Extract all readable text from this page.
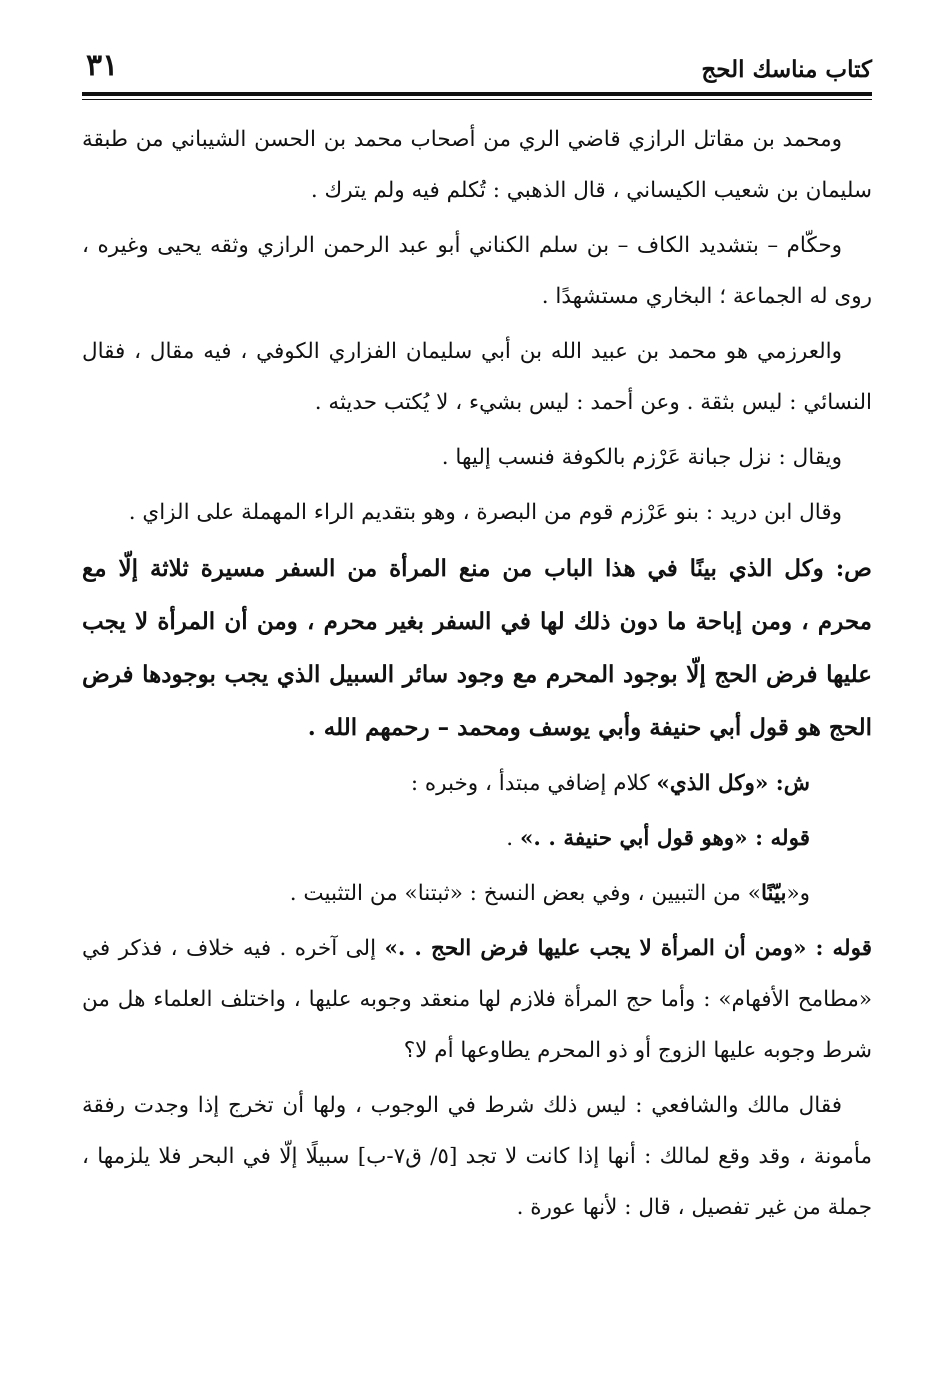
كتاب مناسك الحج
٣١

ومحمد بن مقاتل الرازي قاضي الري من أصحاب محمد بن الحسن الشيباني من طبقة سليمان بن شعيب الكيساني ، قال الذهبي : تُكلم فيه ولم يترك .

وحكّام – بتشديد الكاف – بن سلم الكناني أبو عبد الرحمن الرازي وثقه يحيى وغيره ، روى له الجماعة ؛ البخاري مستشهدًا .

والعرزمي هو محمد بن عبيد الله بن أبي سليمان الفزاري الكوفي ، فيه مقال ، فقال النسائي : ليس بثقة . وعن أحمد : ليس بشيء ، لا يُكتب حديثه .

ويقال : نزل جبانة عَرْزم بالكوفة فنسب إليها .

وقال ابن دريد : بنو عَرْزم قوم من البصرة ، وهو بتقديم الراء المهملة على الزاي .

ص: وكل الذي بينًا في هذا الباب من منع المرأة من السفر مسيرة ثلاثة إلّا مع محرم ، ومن إباحة ما دون ذلك لها في السفر بغير محرم ، ومن أن المرأة لا يجب عليها فرض الحج إلّا بوجود المحرم مع وجود سائر السبيل الذي يجب بوجودها فرض الحج هو قول أبي حنيفة وأبي يوسف ومحمد – رحمهم الله .

ش: «وكل الذي» كلام إضافي مبتدأ ، وخبره :

قوله : «وهو قول أبي حنيفة . .» .

و«بيّنًا» من التبيين ، وفي بعض النسخ : «ثبتنا» من التثبيت .

قوله : «ومن أن المرأة لا يجب عليها فرض الحج . .» إلى آخره . فيه خلاف ، فذكر في «مطامح الأفهام» : وأما حج المرأة فلازم لها منعقد وجوبه عليها ، واختلف العلماء هل من شرط وجوبه عليها الزوج أو ذو المحرم يطاوعها أم لا؟

فقال مالك والشافعي : ليس ذلك شرط في الوجوب ، ولها أن تخرج إذا وجدت رفقة مأمونة ، وقد وقع لمالك : أنها إذا كانت لا تجد [٥/ ق٧-ب] سبيلًا إلّا في البحر فلا يلزمها ، جملة من غير تفصيل ، قال : لأنها عورة .
